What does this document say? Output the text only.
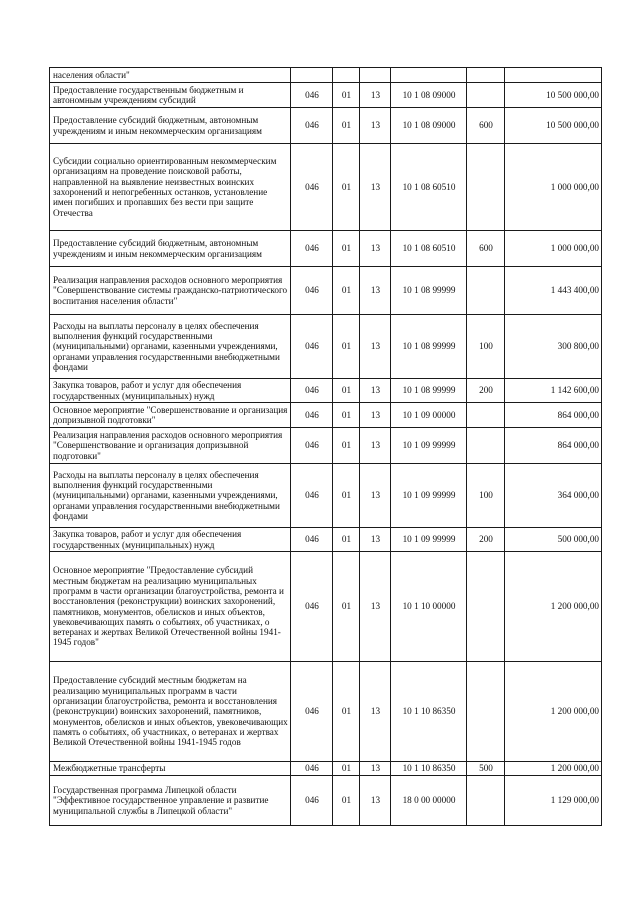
населения области"						
Предоставление государственным бюджетным и автономным учреждениям субсидий	046	01	13	10 1 08 09000		10 500 000,00
Предоставление субсидий бюджетным, автономным учреждениям и иным некоммерческим организациям	046	01	13	10 1 08 09000	600	10 500 000,00
Субсидии социально ориентированным некоммерческим организациям на проведение поисковой работы, направленной на выявление неизвестных воинских захоронений и непогребенных останков, установление имен погибших и пропавших без вести при защите Отечества	046	01	13	10 1 08 60510		1 000 000,00
Предоставление субсидий бюджетным, автономным учреждениям и иным некоммерческим организациям	046	01	13	10 1 08 60510	600	1 000 000,00
Реализация направления расходов основного мероприятия "Совершенствование системы гражданско-патриотического воспитания населения области"	046	01	13	10 1 08 99999		1 443 400,00
Расходы на выплаты персоналу в целях обеспечения выполнения функций государственными (муниципальными) органами, казенными учреждениями, органами управления государственными внебюджетными фондами	046	01	13	10 1 08 99999	100	300 800,00
Закупка товаров, работ и услуг для обеспечения государственных (муниципальных) нужд	046	01	13	10 1 08 99999	200	1 142 600,00
Основное мероприятие "Совершенствование и организация допризывной подготовки"	046	01	13	10 1 09 00000		864 000,00
Реализация направления расходов основного мероприятия "Совершенствование и организация допризывной подготовки"	046	01	13	10 1 09 99999		864 000,00
Расходы на выплаты персоналу в целях обеспечения выполнения функций государственными (муниципальными) органами, казенными учреждениями, органами управления государственными внебюджетными фондами	046	01	13	10 1 09 99999	100	364 000,00
Закупка товаров, работ и услуг для обеспечения государственных (муниципальных) нужд	046	01	13	10 1 09 99999	200	500 000,00
Основное мероприятие "Предоставление субсидий местным бюджетам на реализацию муниципальных программ в части организации благоустройства, ремонта и восстановления (реконструкции) воинских захоронений, памятников, монументов, обелисков и иных объектов, увековечивающих память о событиях, об участниках, о ветеранах и жертвах Великой Отечественной войны 1941-1945 годов"	046	01	13	10 1 10 00000		1 200 000,00
Предоставление субсидий местным бюджетам на реализацию муниципальных программ в части организации благоустройства, ремонта и восстановления (реконструкции) воинских захоронений, памятников, монументов, обелисков и иных объектов, увековечивающих память о событиях, об участниках, о ветеранах и жертвах Великой Отечественной войны 1941-1945 годов	046	01	13	10 1 10 86350		1 200 000,00
Межбюджетные трансферты	046	01	13	10 1 10 86350	500	1 200 000,00
Государственная программа Липецкой области "Эффективное государственное управление и развитие муниципальной службы в Липецкой области"	046	01	13	18 0 00 00000		1 129 000,00
